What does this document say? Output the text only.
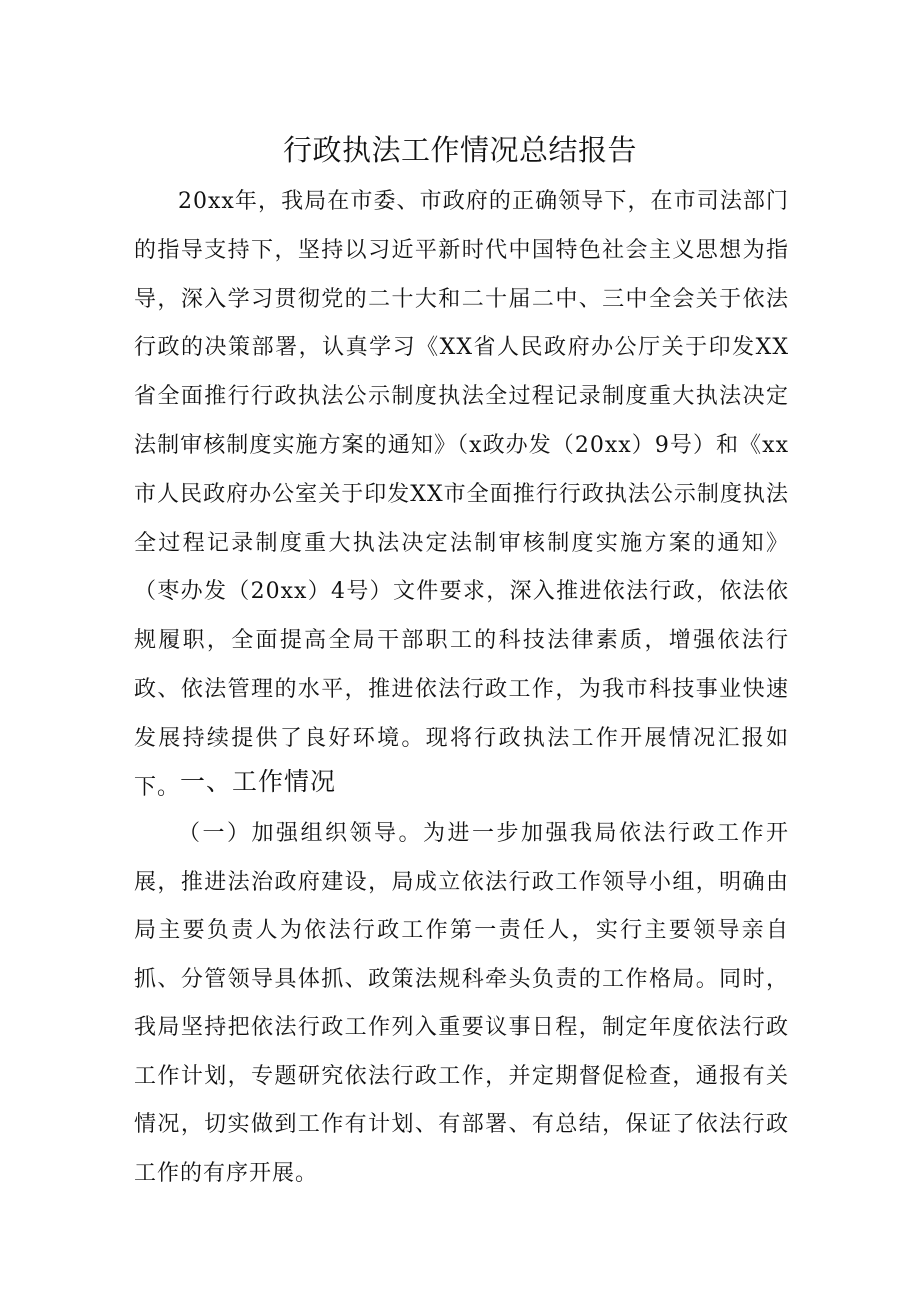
行政执法工作情况总结报告

20xx年，我局在市委、市政府的正确领导下，在市司法部门的指导支持下，坚持以习近平新时代中国特色社会主义思想为指导，深入学习贯彻党的二十大和二十届二中、三中全会关于依法行政的决策部署，认真学习《XX省人民政府办公厅关于印发XX省全面推行行政执法公示制度执法全过程记录制度重大执法决定法制审核制度实施方案的通知》（x政办发（20xx）9号）和《xx市人民政府办公室关于印发XX市全面推行行政执法公示制度执法全过程记录制度重大执法决定法制审核制度实施方案的通知》（枣办发（20xx）4号）文件要求，深入推进依法行政，依法依规履职，全面提高全局干部职工的科技法律素质，增强依法行政、依法管理的水平，推进依法行政工作，为我市科技事业快速发展持续提供了良好环境。现将行政执法工作开展情况汇报如下。 一、工作情况

（一）加强组织领导。为进一步加强我局依法行政工作开展，推进法治政府建设，局成立依法行政工作领导小组，明确由局主要负责人为依法行政工作第一责任人，实行主要领导亲自抓、分管领导具体抓、政策法规科牵头负责的工作格局。同时，我局坚持把依法行政工作列入重要议事日程，制定年度依法行政工作计划，专题研究依法行政工作，并定期督促检查，通报有关情况，切实做到工作有计划、有部署、有总结，保证了依法行政工作的有序开展。
